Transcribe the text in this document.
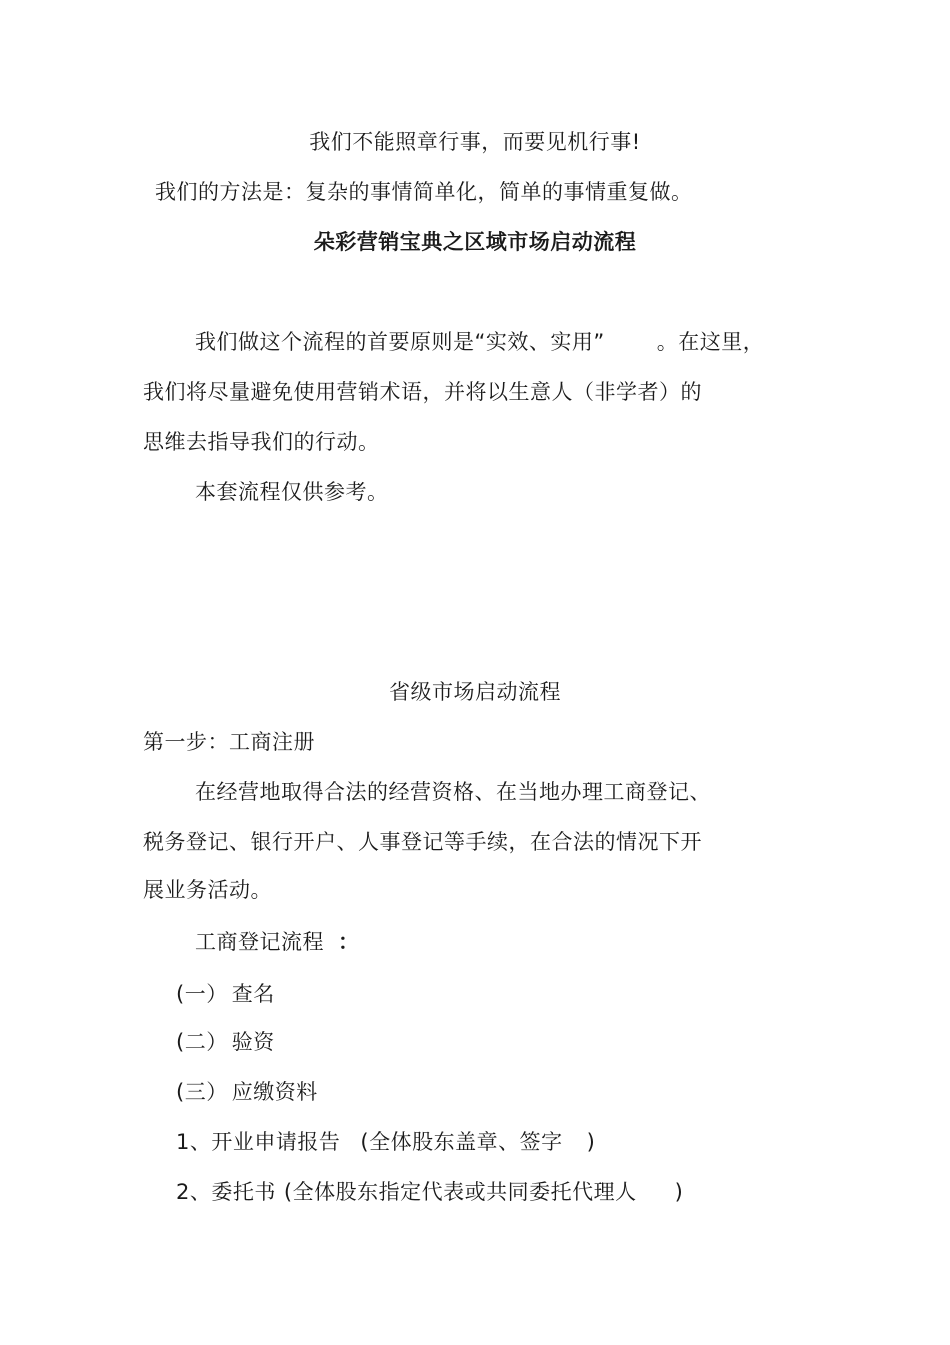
我们不能照章行事，而要见机行事!
我们的方法是：复杂的事情简单化，简单的事情重复做。
朵彩营销宝典之区域市场启动流程
我们做这个流程的首要原则是“实效、实用” 。在这里，
我们将尽量避免使用营销术语，并将以生意人（非学者）的
思维去指导我们的行动。
本套流程仅供参考。
省级市场启动流程
第一步：工商注册
在经营地取得合法的经营资格、在当地办理工商登记、
税务登记、银行开户、人事登记等手续，在合法的情况下开
展业务活动。
工商登记流程 ：
(一） 查名
(二） 验资
(三） 应缴资料
1、开业申请报告 (全体股东盖章、签字 )
2、委托书 (全体股东指定代表或共同委托代理人 )
